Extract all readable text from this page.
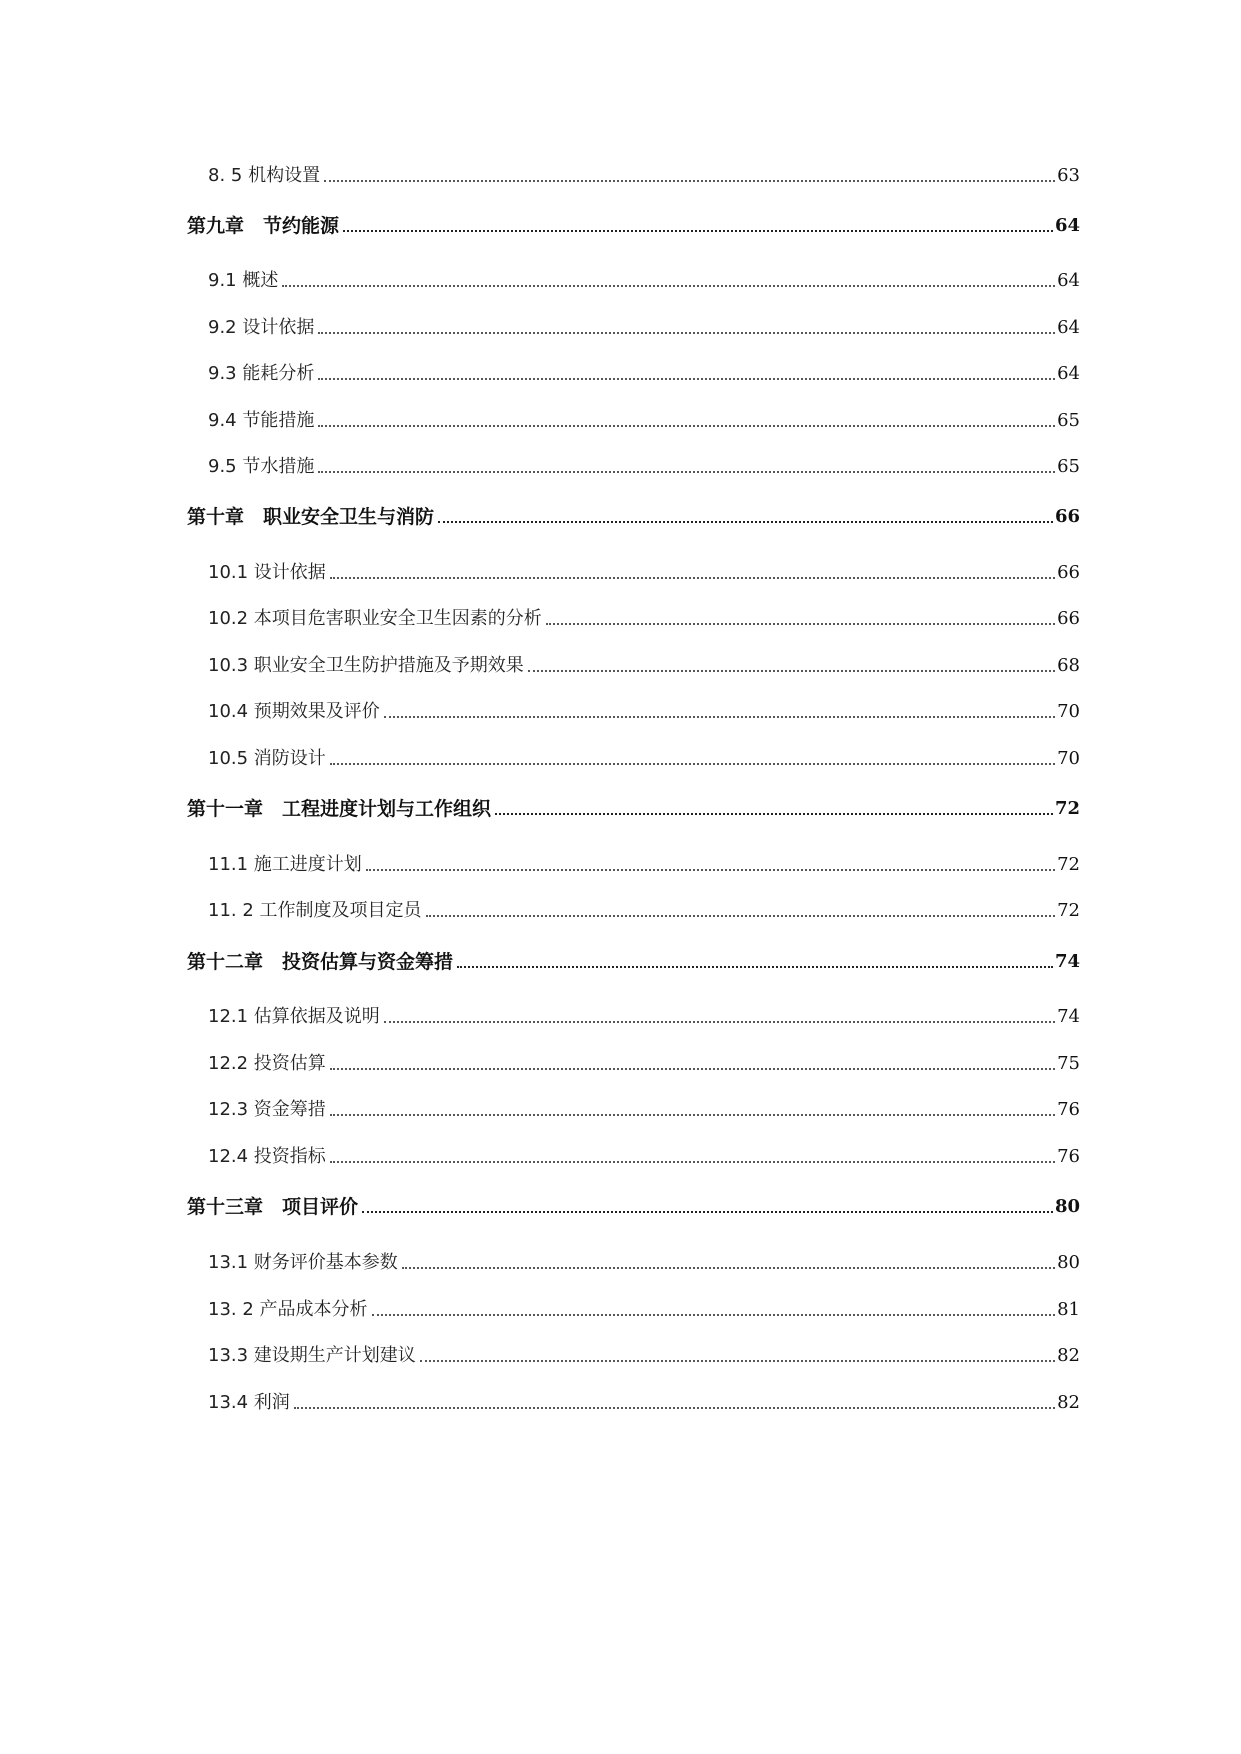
8. 5 机构设置	63
第九章　节约能源	64
9.1 概述	64
9.2 设计依据	64
9.3 能耗分析	64
9.4 节能措施	65
9.5 节水措施	65
第十章　职业安全卫生与消防	66
10.1 设计依据	66
10.2 本项目危害职业安全卫生因素的分析	66
10.3 职业安全卫生防护措施及予期效果	68
10.4 预期效果及评价	70
10.5 消防设计	70
第十一章　工程进度计划与工作组织	72
11.1 施工进度计划	72
11. 2 工作制度及项目定员	72
第十二章　投资估算与资金筹措	74
12.1 估算依据及说明	74
12.2 投资估算	75
12.3 资金筹措	76
12.4 投资指标	76
第十三章　项目评价	80
13.1 财务评价基本参数	80
13. 2 产品成本分析	81
13.3 建设期生产计划建议	82
13.4 利润	82
